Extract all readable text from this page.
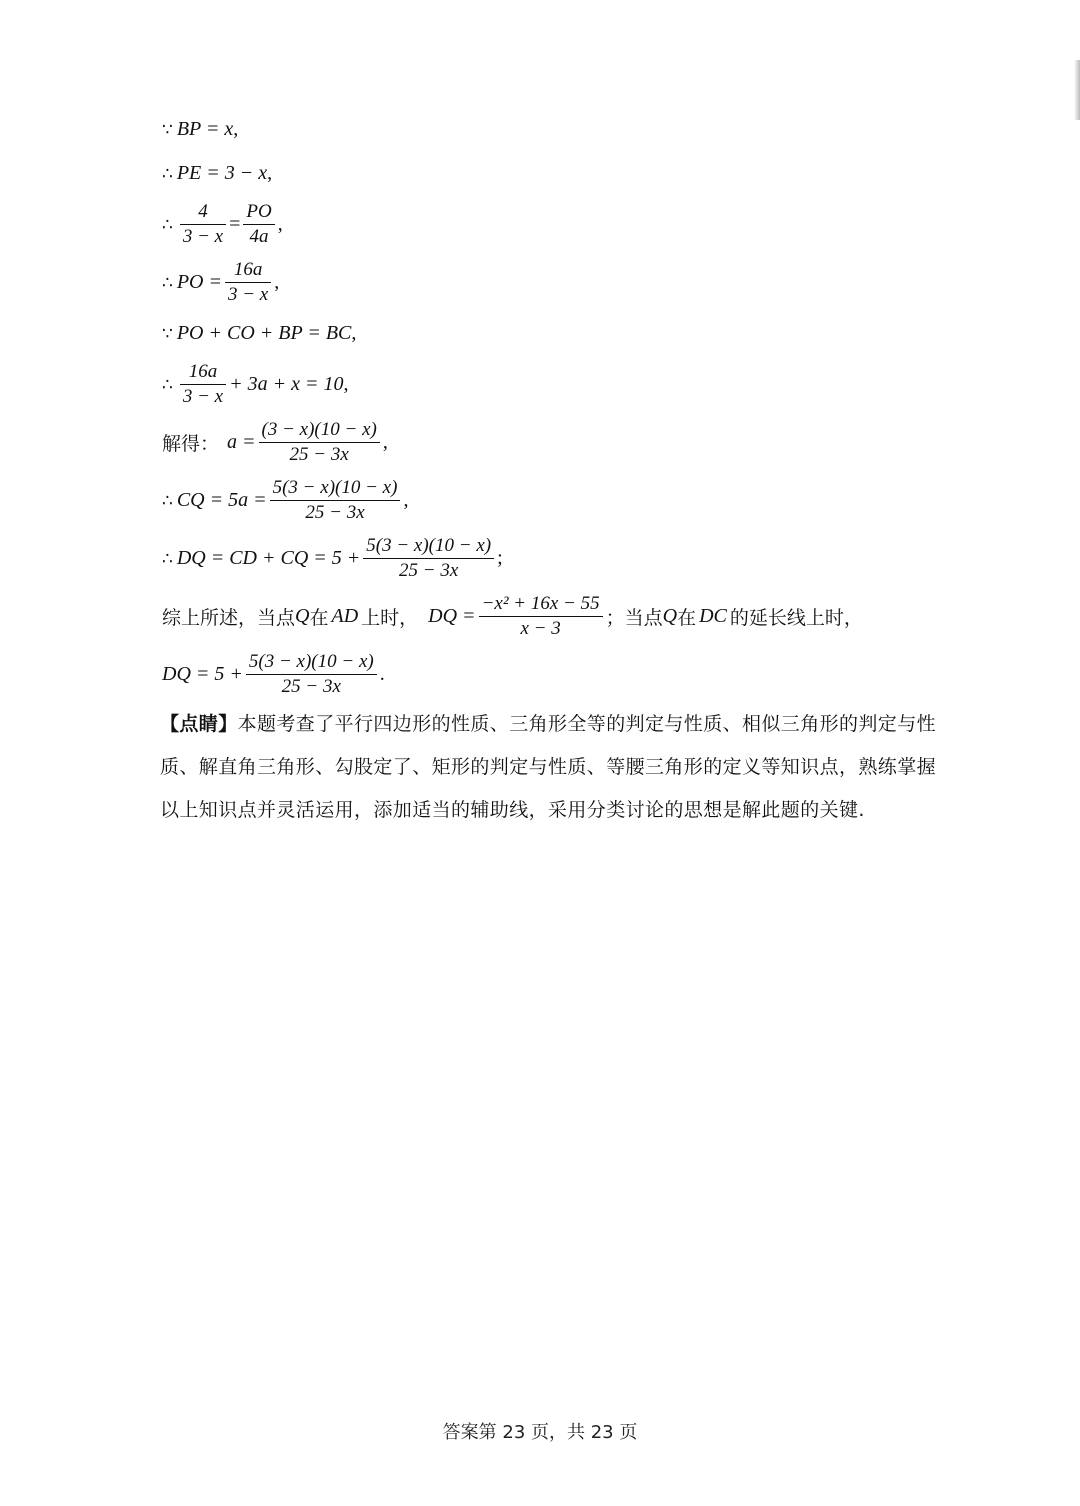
∵ BP = x ,
∴ PE = 3 − x ,
∴ $\frac{4}{3 - x} = \frac{PO}{4a}$ ,
∴ PO = $\frac{16a}{3 - x}$ ,
∵ PO + CO + BP = BC ,
∴ $\frac{16a}{3 - x} + 3a + x = 10$ ,
解得： $a = \frac{(3 - x)(10 - x)}{25 - 3x}$ ,
∴ CQ = $5a = \frac{5(3 - x)(10 - x)}{25 - 3x}$ ,
∴ DQ = CD + CQ = $5 + \frac{5(3 - x)(10 - x)}{25 - 3x}$ ;
综上所述，当点 Q 在 AD 上时， DQ = $\frac{\text{−x² + 16x − 55}}{x - 3}$ ；当点 Q 在 DC 的延长线上时，
DQ = $5 + \frac{5(3 - x)(10 - x)}{25 - 3x}$ .
【点睛】本题考查了平行四边形的性质、三角形全等的判定与性质、相似三角形的判定与性质、解直角三角形、勾股定了、矩形的判定与性质、等腰三角形的定义等知识点，熟练掌握以上知识点并灵活运用，添加适当的辅助线，采用分类讨论的思想是解此题的关键.
答案第 23 页，共 23 页
